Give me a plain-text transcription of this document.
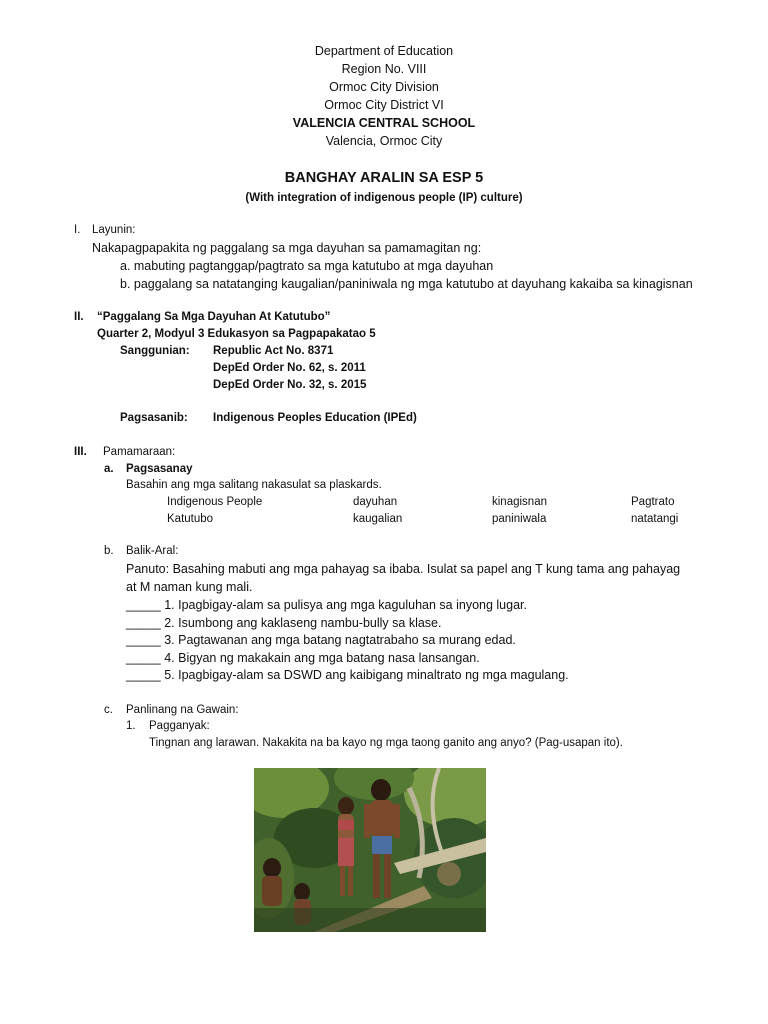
Department of Education
Region No. VIII
Ormoc City Division
Ormoc City District VI
VALENCIA CENTRAL SCHOOL
Valencia, Ormoc City
BANGHAY ARALIN SA ESP 5
(With integration of indigenous people (IP) culture)
I. Layunin:
Nakapagpapakita ng paggalang sa mga dayuhan sa pamamagitan ng:
a. mabuting pagtanggap/pagtrato sa mga katutubo at mga dayuhan
b. paggalang sa natatanging kaugalian/paniniwala ng mga katutubo at dayuhang kakaiba sa kinagisnan
II. “Paggalang Sa Mga Dayuhan At Katutubo”
Quarter 2, Modyul 3 Edukasyon sa Pagpapakatao 5
Sanggunian: Republic Act No. 8371
DepEd Order No. 62, s. 2011
DepEd Order No. 32, s. 2015
Pagsasanib: Indigenous Peoples Education (IPEd)
III. Pamamaraan:
a. Pagsasanay
Basahin ang mga salitang nakasulat sa plaskards.
Indigenous People	dayuhan	kinagisnan	Pagtrato
Katutubo	kaugalian	paniniwala	natatangi
b. Balik-Aral:
Panuto: Basahing mabuti ang mga pahayag sa ibaba. Isulat sa papel ang T kung tama ang pahayag
at M naman kung mali.
_____ 1. Ipagbigay-alam sa pulisya ang mga kaguluhan sa inyong lugar.
_____ 2. Isumbong ang kaklaseng nambu-bully sa klase.
_____ 3. Pagtawanan ang mga batang nagtatrabaho sa murang edad.
_____ 4. Bigyan ng makakain ang mga batang nasa lansangan.
_____ 5. Ipagbigay-alam sa DSWD ang kaibigang minaltrato ng mga magulang.
c. Panlinang na Gawain:
1. Pagganyak:
Tingnan ang larawan. Nakakita na ba kayo ng mga taong ganito ang anyo? (Pag-usapan ito).
